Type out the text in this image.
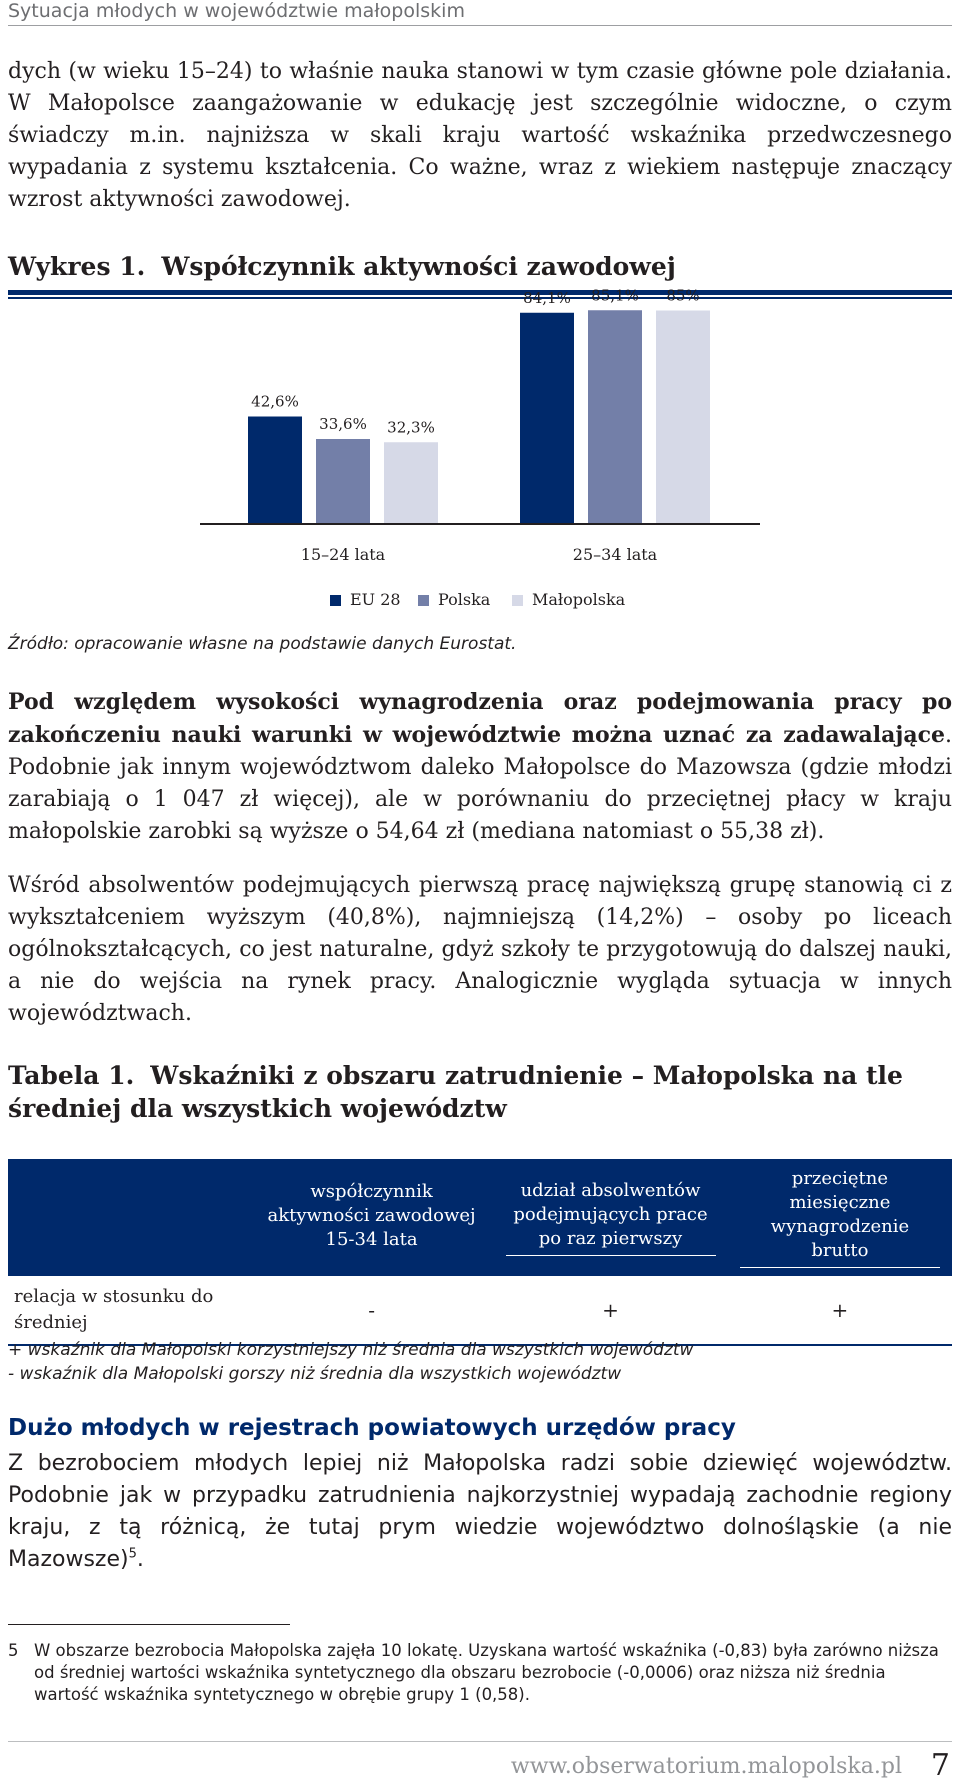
Sytuacja młodych w województwie małopolskim

dych (w wieku 15–24) to właśnie nauka stanowi w tym czasie główne pole działania. W Małopolsce zaangażowanie w edukację jest szczególnie widoczne, o czym świadczy m.in. najniższa w skali kraju wartość wskaźnika przedwczesnego wypadania z systemu kształcenia. Co ważne, wraz z wiekiem następuje znaczący wzrost aktywności zawodowej.

Wykres 1. Współczynnik aktywności zawodowej
42,6%
33,6% 32,3%
15–24 lata
84,1% 85,1% 85%
25–34 lata
EU 28 Polska	Małopolska
Źródło: opracowanie własne na podstawie danych Eurostat.

Pod względem wysokości wynagrodzenia oraz podejmowania pracy po zakończeniu nauki warunki w województwie można uznać za zadawalające. Podobnie jak innym województwom daleko Małopolsce do Mazowsza (gdzie młodzi zarabiają o 1 047 zł więcej), ale w porównaniu do przeciętnej płacy w kraju małopolskie zarobki są wyższe o 54,64 zł (mediana natomiast o 55,38 zł).

Wśród absolwentów podejmujących pierwszą pracę największą grupę stanowią ci z wykształceniem wyższym (40,8%), najmniejszą (14,2%) – osoby po liceach ogólnokształcących, co jest naturalne, gdyż szkoły te przygotowują do dalszej nauki, a nie do wejścia na rynek pracy. Analogicznie wygląda sytuacja w innych województwach.

Tabela 1. Wskaźniki z obszaru zatrudnienie – Małopolska na tle średniej dla wszystkich województw

	współczynnik aktywności zawodowej 15-34 lata	udział absolwentów podejmujących prace po raz pierwszy	przeciętne miesięczne wynagrodzenie brutto

relacja w stosunku do średniej	-	+	+

+ wskaźnik dla Małopolski korzystniejszy niż średnia dla wszystkich województw

- wskaźnik dla Małopolski gorszy niż średnia dla wszystkich województw

Dużo młodych w rejestrach powiatowych urzędów pracy

Z bezrobociem młodych lepiej niż Małopolska radzi sobie dziewięć województw. Podobnie jak w przypadku zatrudnienia najkorzystniej wypadają zachodnie regiony kraju, z tą różnicą, że tutaj prym wiedzie województwo dolnośląskie (a nie Mazowsze)$^5$.

5 W obszarze bezrobocia Małopolska zajęła 10 lokatę. Uzyskana wartość wskaźnika (-0,83) była zarówno niższa od średniej wartości wskaźnika syntetycznego dla obszaru bezrobocie (-0,0006) oraz niższa niż średnia wartość wskaźnika syntetycznego w obrębie grupy 1 (0,58).
www.obserwatorium.malopolska.pl 7
